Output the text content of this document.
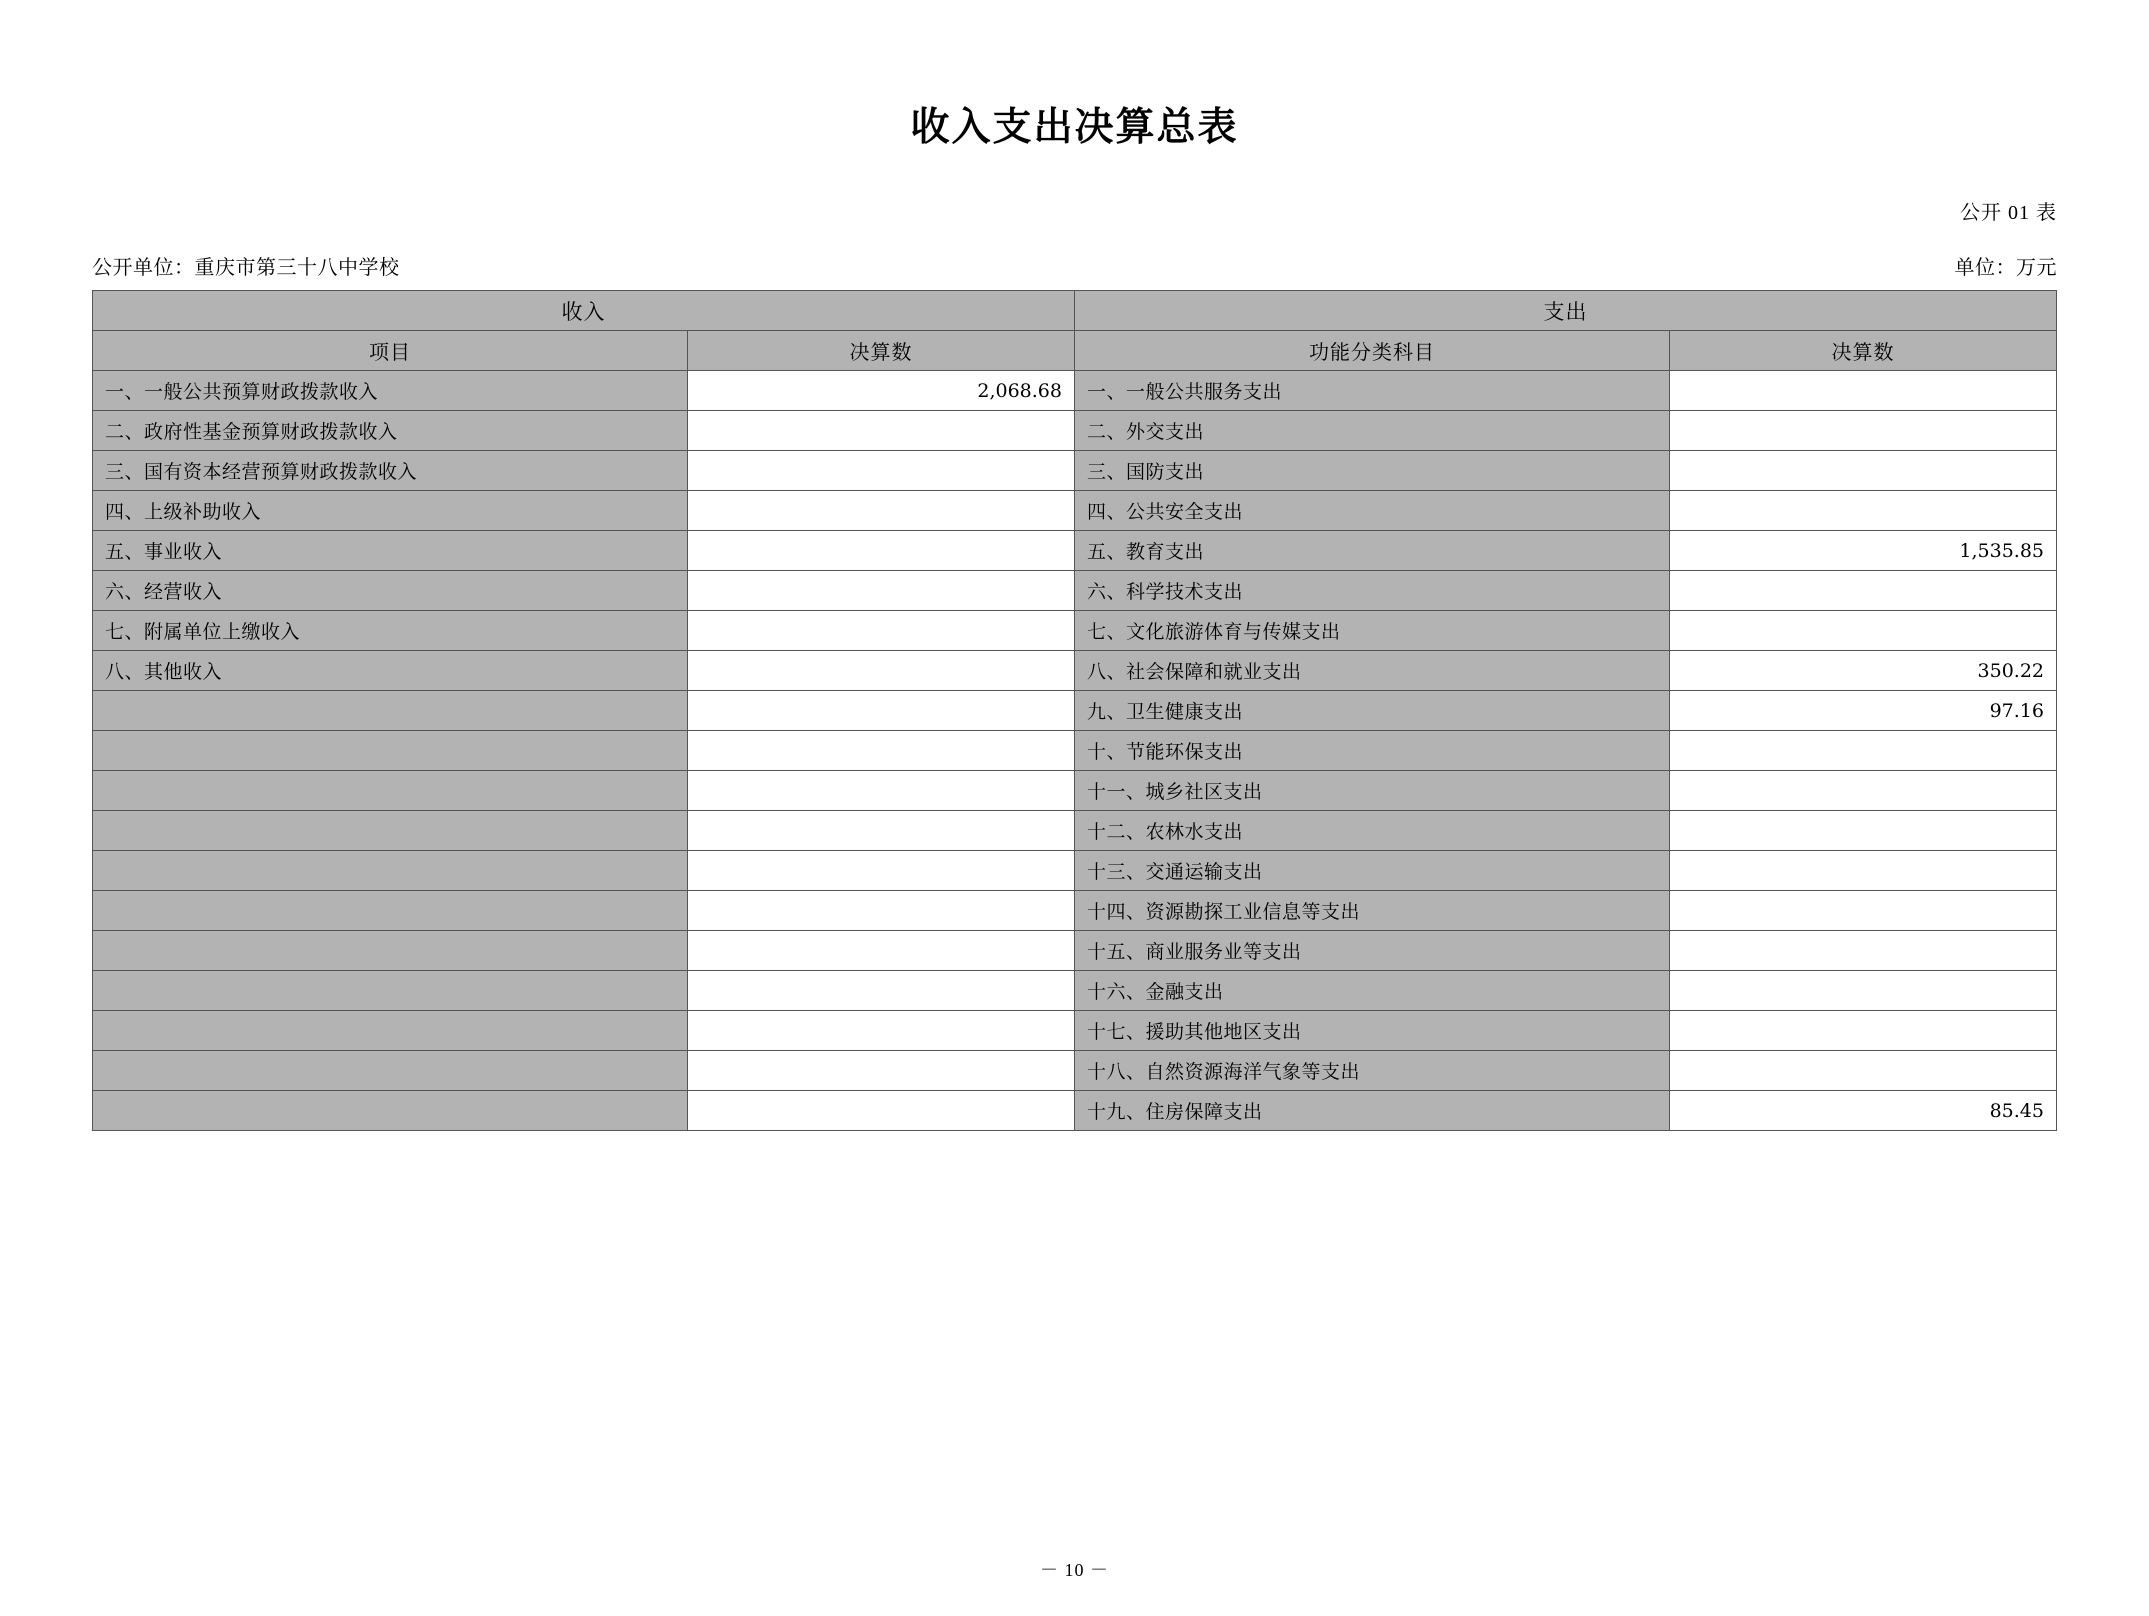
收入支出决算总表
公开 01 表
公开单位：重庆市第三十八中学校	单位：万元
收入		支出	
项目	决算数	功能分类科目	决算数
一、一般公共预算财政拨款收入	2,068.68	一、一般公共服务支出	
二、政府性基金预算财政拨款收入		二、外交支出	
三、国有资本经营预算财政拨款收入		三、国防支出	
四、上级补助收入		四、公共安全支出	
五、事业收入		五、教育支出	1,535.85
六、经营收入		六、科学技术支出	
七、附属单位上缴收入		七、文化旅游体育与传媒支出	
八、其他收入		八、社会保障和就业支出	350.22
		九、卫生健康支出	97.16
		十、节能环保支出	
		十一、城乡社区支出	
		十二、农林水支出	
		十三、交通运输支出	
		十四、资源勘探工业信息等支出	
		十五、商业服务业等支出	
		十六、金融支出	
		十七、援助其他地区支出	
		十八、自然资源海洋气象等支出	
		十九、住房保障支出	85.45
－ 10 －
